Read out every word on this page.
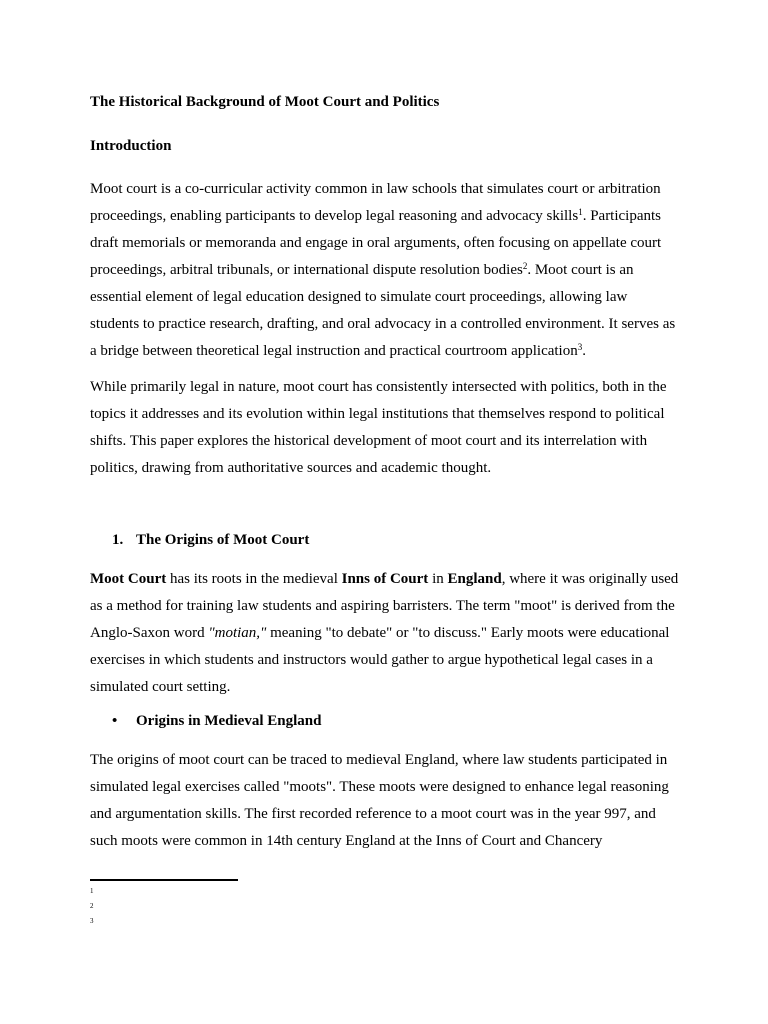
The Historical Background of Moot Court and Politics
Introduction

Moot court is a co-curricular activity common in law schools that simulates court or arbitration proceedings, enabling participants to develop legal reasoning and advocacy skills$^1$. Participants draft memorials or memoranda and engage in oral arguments, often focusing on appellate court proceedings, arbitral tribunals, or international dispute resolution bodies$^2$. Moot court is an essential element of legal education designed to simulate court proceedings, allowing law students to practice research, drafting, and oral advocacy in a controlled environment. It serves as a bridge between theoretical legal instruction and practical courtroom application$^3$.

While primarily legal in nature, moot court has consistently intersected with politics, both in the topics it addresses and its evolution within legal institutions that themselves respond to political shifts. This paper explores the historical development of moot court and its interrelation with politics, drawing from authoritative sources and academic thought.

1. The Origins of Moot Court

Moot Court has its roots in the medieval Inns of Court in England, where it was originally used as a method for training law students and aspiring barristers. The term "moot" is derived from the Anglo-Saxon word "motian," meaning "to debate" or "to discuss." Early moots were educational exercises in which students and instructors would gather to argue hypothetical legal cases in a simulated court setting.

•	Origins in Medieval England

The origins of moot court can be traced to medieval England, where law students participated in simulated legal exercises called "moots". These moots were designed to enhance legal reasoning and argumentation skills. The first recorded reference to a moot court was in the year 997, and such moots were common in 14th century England at the Inns of Court and Chancery

1
2
3
